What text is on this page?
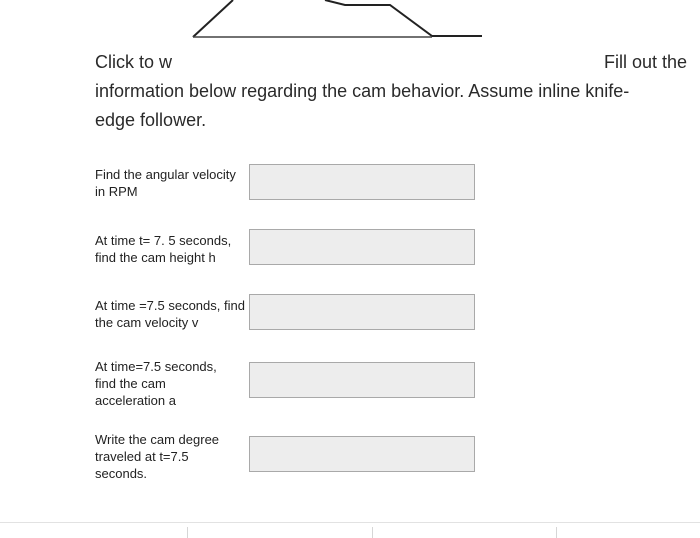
Click to w	Fill out the
information below regarding the cam behavior. Assume inline knife-
edge follower.
Find the angular velocity in RPM
At time t= 7. 5 seconds, find the cam height h
At time =7.5 seconds, find the cam velocity v
At time=7.5 seconds, find the cam acceleration a
Write the cam degree traveled at t=7.5 seconds.
